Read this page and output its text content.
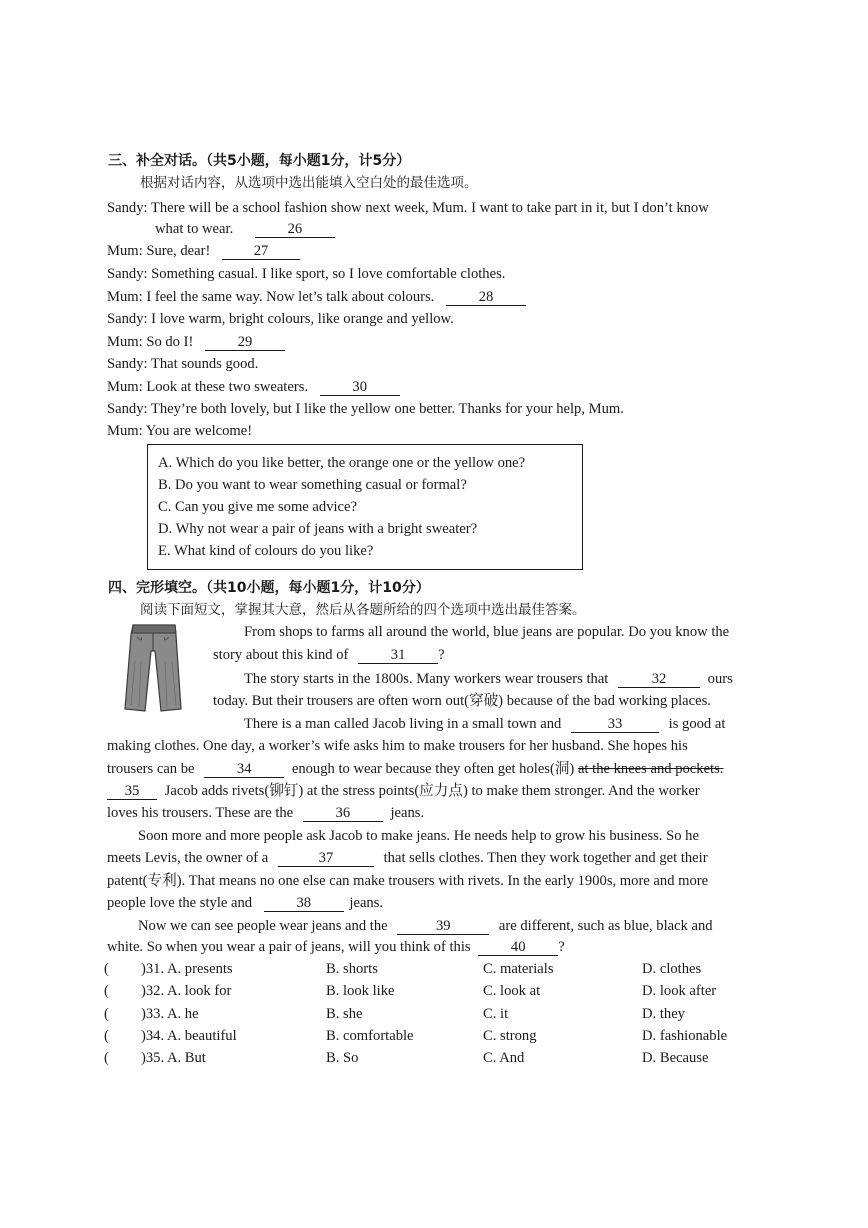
三、补全对话。（共5小题，每小题1分，计5分）
根据对话内容，从选项中选出能填入空白处的最佳选项。
Sandy: There will be a school fashion show next week, Mum. I want to take part in it, but I don’t know
what to wear.	26
Mum: Sure, dear!	27
Sandy: Something casual. I like sport, so I love comfortable clothes.
Mum: I feel the same way. Now let’s talk about colours.	28
Sandy: I love warm, bright colours, like orange and yellow.
Mum: So do I!	29
Sandy: That sounds good.
Mum: Look at these two sweaters.	30
Sandy: They’re both lovely, but I like the yellow one better. Thanks for your help, Mum.
Mum: You are welcome!
A. Which do you like better, the orange one or the yellow one?
B. Do you want to wear something casual or formal?
C. Can you give me some advice?
D. Why not wear a pair of jeans with a bright sweater?
E. What kind of colours do you like?
四、完形填空。（共10小题，每小题1分，计10分）
阅读下面短文，掌握其大意，然后从各题所给的四个选项中选出最佳答案。
From shops to farms all around the world, blue jeans are popular. Do you know the
story about this kind of	31 ?
The story starts in the 1800s. Many workers wear trousers that	32	ours
today. But their trousers are often worn out(穿破) because of the bad working places.
There is a man called Jacob living in a small town and	33	is good at
making clothes. One day, a worker’s wife asks him to make trousers for her husband. She hopes his
trousers can be	34	enough to wear because they often get holes(洞) at the knees and pockets.
35 Jacob adds rivets(铆钉) at the stress points(应力点) to make them stronger. And the worker
loves his trousers. These are the	36	jeans.
Soon more and more people ask Jacob to make jeans. He needs help to grow his business. So he
meets Levis, the owner of a	37	that sells clothes. Then they work together and get their
patent(专利). That means no one else can make trousers with rivets. In the early 1900s, more and more
people love the style and	38	jeans.
Now we can see people wear jeans and the	39	are different, such as blue, black and
white. So when you wear a pair of jeans, will you think of this	40 ?
( )31. A. presents	B. shorts	C. materials	D. clothes
( )32. A. look for	B. look like	C. look at	D. look after
( )33. A. he	B. she	C. it	D. they
( )34. A. beautiful	B. comfortable	C. strong	D. fashionable
( )35. A. But	B. So	C. And	D. Because
